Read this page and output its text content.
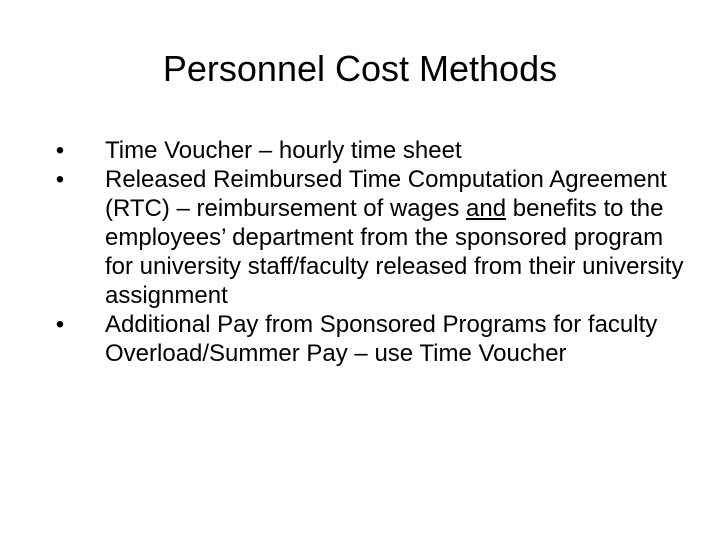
Personnel Cost Methods
• Time Voucher – hourly time sheet
• Released Reimbursed Time Computation Agreement (RTC) – reimbursement of wages and benefits to the employees’ department from the sponsored program for university staff/faculty released from their university assignment
• Additional Pay from Sponsored Programs for faculty Overload/Summer Pay – use Time Voucher
